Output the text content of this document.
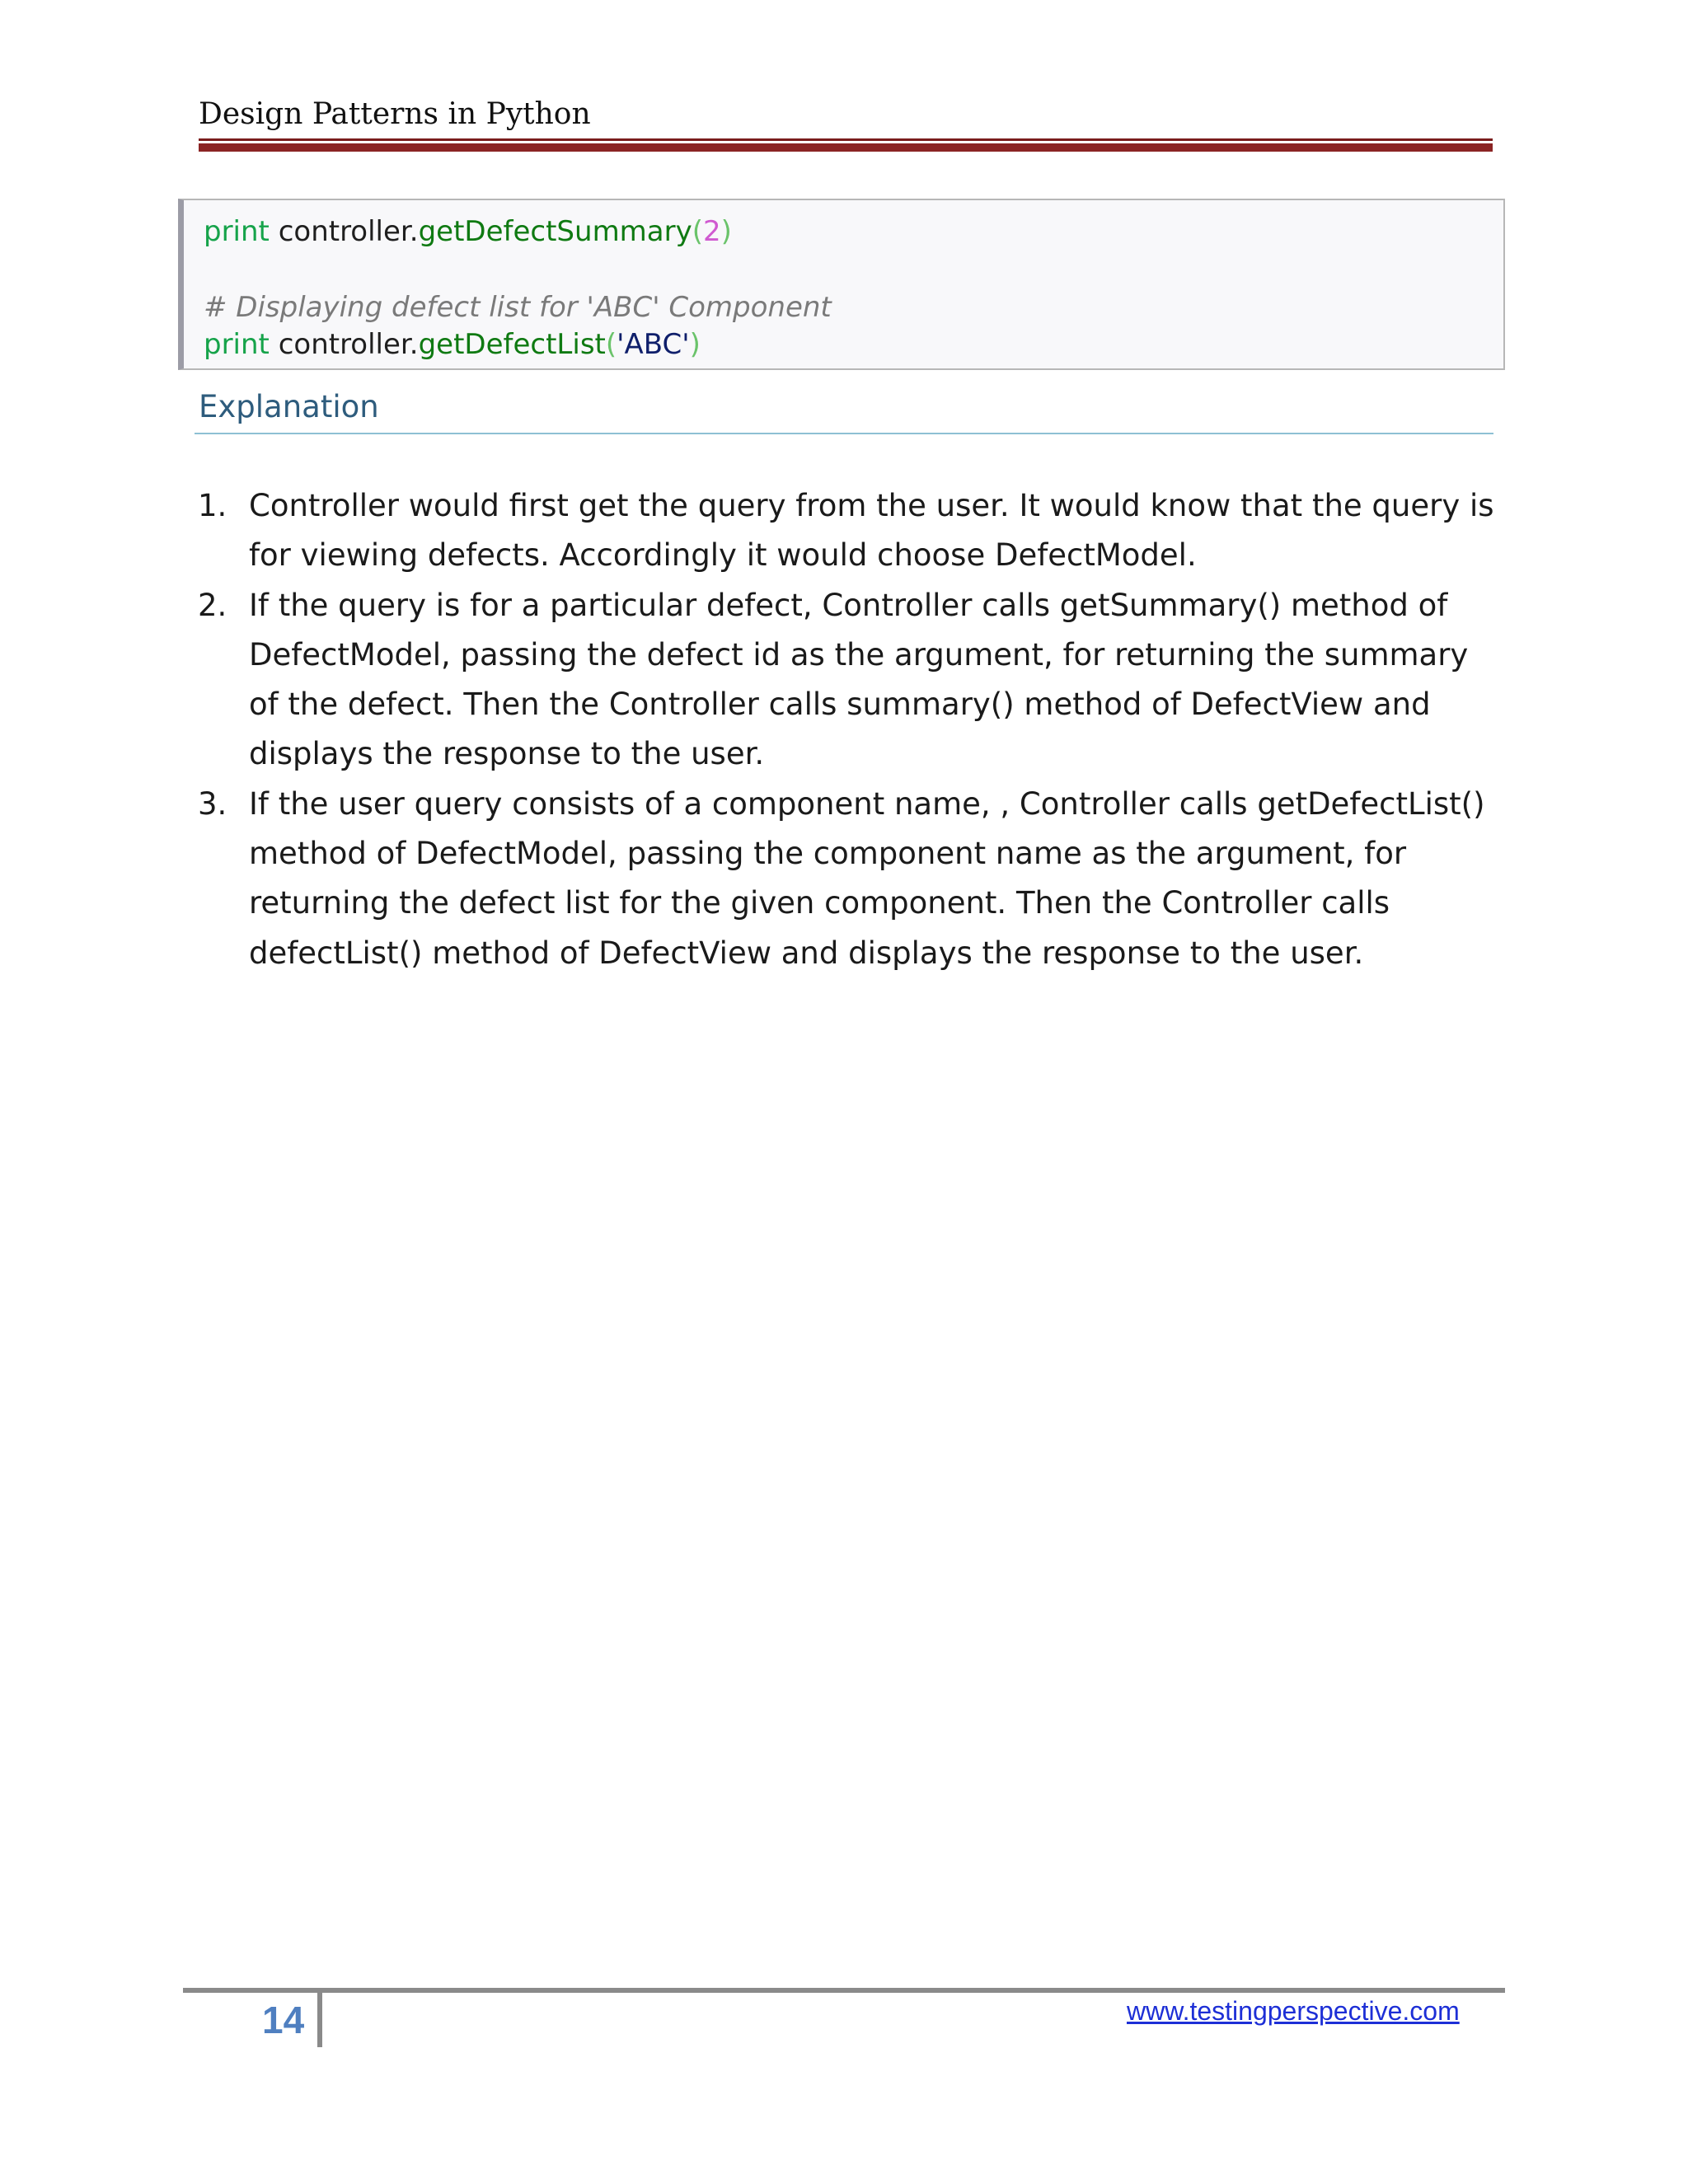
Design Patterns in Python
print controller.getDefectSummary(2)
# Displaying defect list for 'ABC' Component
print controller.getDefectList('ABC')
Explanation
1. Controller would first get the query from the user. It would know that the query is for viewing defects. Accordingly it would choose DefectModel.
2. If the query is for a particular defect, Controller calls getSummary() method of DefectModel, passing the defect id as the argument, for returning the summary of the defect. Then the Controller calls summary() method of DefectView and displays the response to the user.
3. If the user query consists of a component name, , Controller calls getDefectList() method of DefectModel, passing the component name as the argument, for returning the defect list for the given component. Then the Controller calls defectList() method of DefectView and displays the response to the user.
14	www.testingperspective.com
